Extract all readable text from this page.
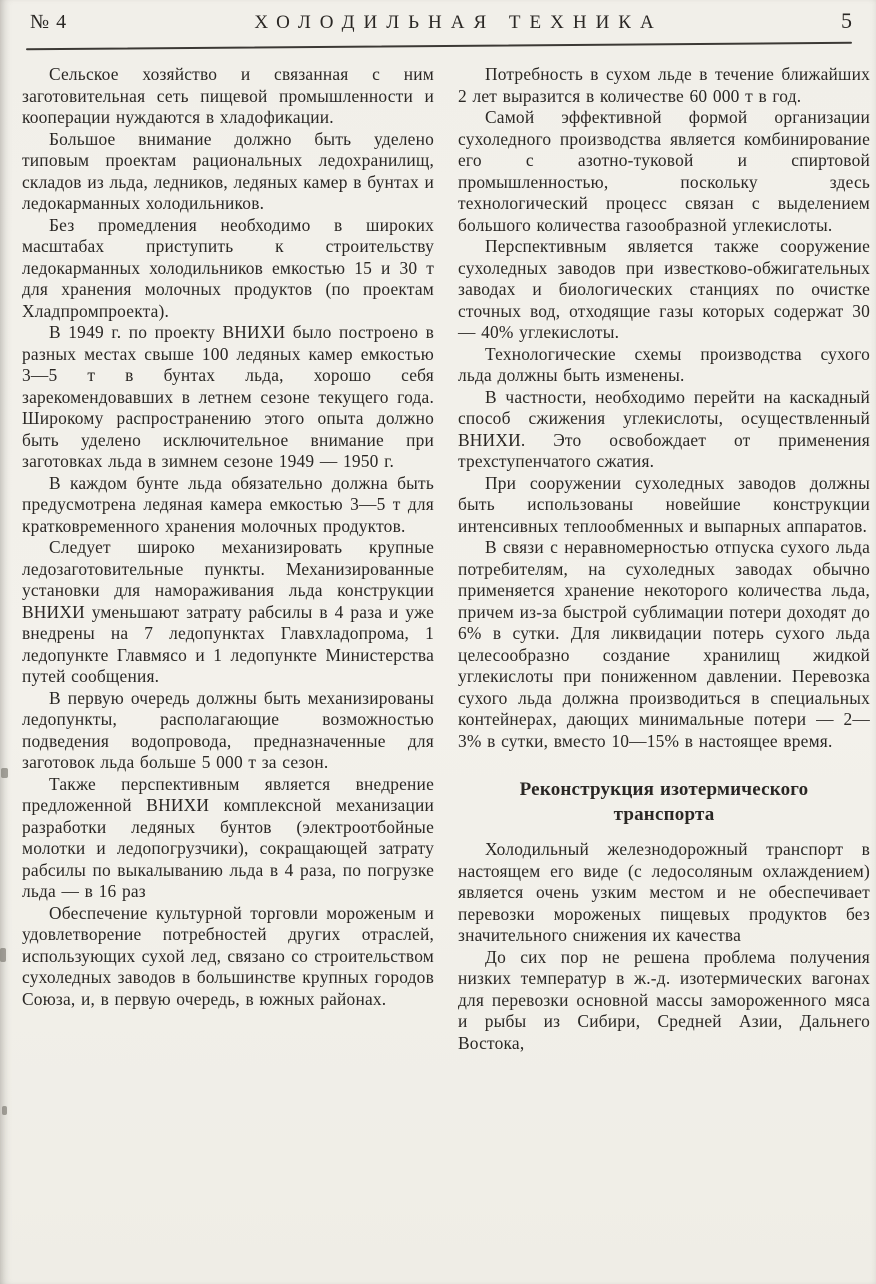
№ 4	ХОЛОДИЛЬНАЯ ТЕХНИКА	5

Сельское хозяйство и связанная с ним заготовительная сеть пищевой промышленности и кооперации нуждаются в хладофикации.

Большое внимание должно быть уделено типовым проектам рациональных ледохранилищ, складов из льда, ледников, ледяных камер в бунтах и ледокарманных холодильников.

Без промедления необходимо в широких масштабах приступить к строительству ледокарманных холодильников емкостью 15 и 30 т для хранения молочных продуктов (по проектам Хладпромпроекта).

В 1949 г. по проекту ВНИХИ было построено в разных местах свыше 100 ледяных камер емкостью 3—5 т в бунтах льда, хорошо себя зарекомендовавших в летнем сезоне текущего года. Широкому распространению этого опыта должно быть уделено исключительное внимание при заготовках льда в зимнем сезоне 1949 — 1950 г.

В каждом бунте льда обязательно должна быть предусмотрена ледяная камера емкостью 3—5 т для кратковременного хранения молочных продуктов.

Следует широко механизировать крупные ледозаготовительные пункты. Механизированные установки для намораживания льда конструкции ВНИХИ уменьшают затрату рабсилы в 4 раза и уже внедрены на 7 ледопунктах Главхладопрома, 1 ледопункте Главмясо и 1 ледопункте Министерства путей сообщения.

В первую очередь должны быть механизированы ледопункты, располагающие возможностью подведения водопровода, предназначенные для заготовок льда больше 5 000 т за сезон.

Также перспективным является внедрение предложенной ВНИХИ комплексной механизации разработки ледяных бунтов (электроотбойные молотки и ледопогрузчики), сокращающей затрату рабсилы по выкалыванию льда в 4 раза, по погрузке льда — в 16 раз

Обеспечение культурной торговли мороженым и удовлетворение потребностей других отраслей, использующих сухой лед, связано со строительством сухоледных заводов в большинстве крупных городов Союза, и, в первую очередь, в южных районах.

Потребность в сухом льде в течение ближайших 2 лет выразится в количестве 60 000 т в год.

Самой эффективной формой организации сухоледного производства является комбинирование его с азотно-туковой и спиртовой промышленностью, поскольку здесь технологический процесс связан с выделением большого количества газообразной углекислоты.

Перспективным является также сооружение сухоледных заводов при известково-обжигательных заводах и биологических станциях по очистке сточных вод, отходящие газы которых содержат 30 — 40% углекислоты.

Технологические схемы производства сухого льда должны быть изменены.

В частности, необходимо перейти на каскадный способ сжижения углекислоты, осуществленный ВНИХИ. Это освобождает от применения трехступенчатого сжатия.

При сооружении сухоледных заводов должны быть использованы новейшие конструкции интенсивных теплообменных и выпарных аппаратов.

В связи с неравномерностью отпуска сухого льда потребителям, на сухоледных заводах обычно применяется хранение некоторого количества льда, причем из-за быстрой сублимации потери доходят до 6% в сутки. Для ликвидации потерь сухого льда целесообразно создание хранилищ жидкой углекислоты при пониженном давлении. Перевозка сухого льда должна производиться в специальных контейнерах, дающих минимальные потери — 2—3% в сутки, вместо 10—15% в настоящее время.

Реконструкция изотермического транспорта

Холодильный железнодорожный транспорт в настоящем его виде (с ледосоляным охлаждением) является очень узким местом и не обеспечивает перевозки мороженых пищевых продуктов без значительного снижения их качества

До сих пор не решена проблема получения низких температур в ж.-д. изотермических вагонах для перевозки основной массы замороженного мяса и рыбы из Сибири, Средней Азии, Дальнего Востока,
